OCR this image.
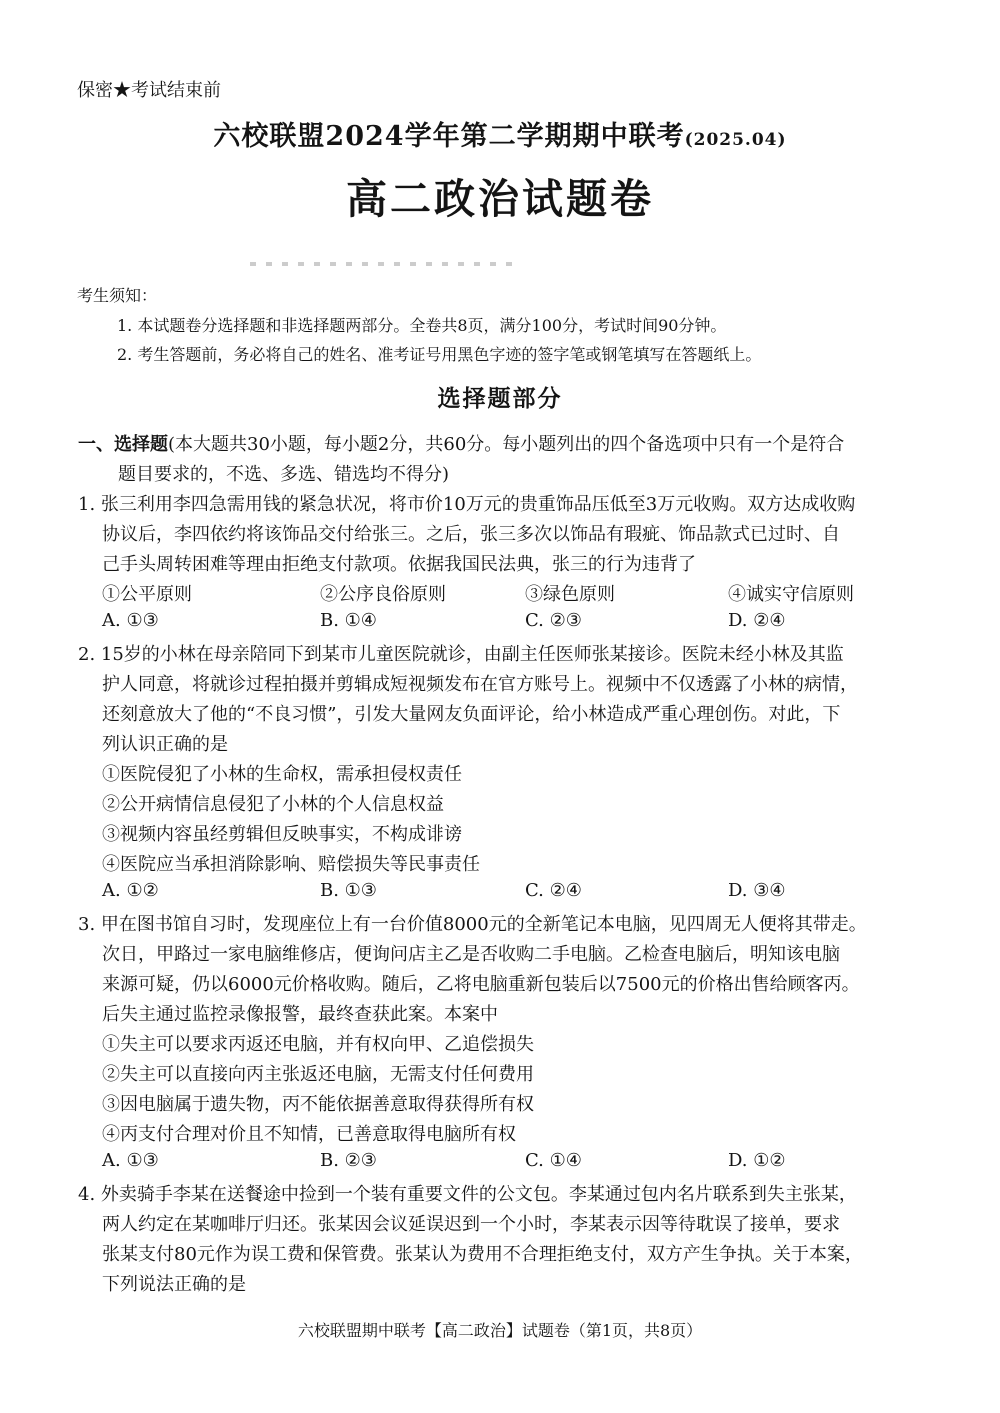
保密★考试结束前
六校联盟2024学年第二学期期中联考(2025.04)
高二政治试题卷
考生须知：
1. 本试题卷分选择题和非选择题两部分。全卷共8页，满分100分，考试时间90分钟。
2. 考生答题前，务必将自己的姓名、准考证号用黑色字迹的签字笔或钢笔填写在答题纸上。
选择题部分
一、选择题(本大题共30小题，每小题2分，共60分。每小题列出的四个备选项中只有一个是符合
题目要求的，不选、多选、错选均不得分)
1. 张三利用李四急需用钱的紧急状况，将市价10万元的贵重饰品压低至3万元收购。双方达成收购
协议后，李四依约将该饰品交付给张三。之后，张三多次以饰品有瑕疵、饰品款式已过时、自
己手头周转困难等理由拒绝支付款项。依据我国民法典，张三的行为违背了
①公平原则	②公序良俗原则	③绿色原则	④诚实守信原则
A. ①③	B. ①④	C. ②③	D. ②④
2. 15岁的小林在母亲陪同下到某市儿童医院就诊，由副主任医师张某接诊。医院未经小林及其监
护人同意，将就诊过程拍摄并剪辑成短视频发布在官方账号上。视频中不仅透露了小林的病情，
还刻意放大了他的“不良习惯”，引发大量网友负面评论，给小林造成严重心理创伤。对此，下
列认识正确的是
①医院侵犯了小林的生命权，需承担侵权责任
②公开病情信息侵犯了小林的个人信息权益
③视频内容虽经剪辑但反映事实，不构成诽谤
④医院应当承担消除影响、赔偿损失等民事责任
A. ①②	B. ①③	C. ②④	D. ③④
3. 甲在图书馆自习时，发现座位上有一台价值8000元的全新笔记本电脑，见四周无人便将其带走。
次日，甲路过一家电脑维修店，便询问店主乙是否收购二手电脑。乙检查电脑后，明知该电脑
来源可疑，仍以6000元价格收购。随后，乙将电脑重新包装后以7500元的价格出售给顾客丙。
后失主通过监控录像报警，最终查获此案。本案中
①失主可以要求丙返还电脑，并有权向甲、乙追偿损失
②失主可以直接向丙主张返还电脑，无需支付任何费用
③因电脑属于遗失物，丙不能依据善意取得获得所有权
④丙支付合理对价且不知情，已善意取得电脑所有权
A. ①③	B. ②③	C. ①④	D. ①②
4. 外卖骑手李某在送餐途中捡到一个装有重要文件的公文包。李某通过包内名片联系到失主张某，
两人约定在某咖啡厅归还。张某因会议延误迟到一个小时，李某表示因等待耽误了接单，要求
张某支付80元作为误工费和保管费。张某认为费用不合理拒绝支付，双方产生争执。关于本案，
下列说法正确的是
六校联盟期中联考【高二政治】试题卷（第1页，共8页）
